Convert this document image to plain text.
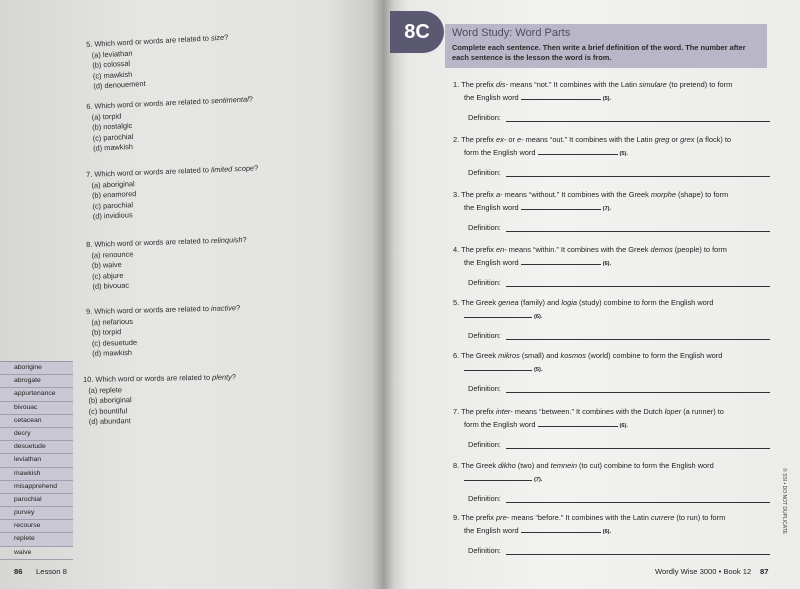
5. Which word or words are related to size?
(a) leviathan
(b) colossal
(c) mawkish
(d) denouement
6. Which word or words are related to sentimental?
(a) torpid
(b) nostalgic
(c) parochial
(d) mawkish
7. Which word or words are related to limited scope?
(a) aboriginal
(b) enamored
(c) parochial
(d) invidious
8. Which word or words are related to relinquish?
(a) renounce
(b) waive
(c) abjure
(d) bivouac
9. Which word or words are related to inactive?
(a) nefarious
(b) torpid
(c) desuetude
(d) mawkish
10. Which word or words are related to plenty?
(a) replete
(b) aboriginal
(c) bountiful
(d) abundant
aborigine
abrogate
appurtenance
bivouac
cetacean
decry
desuetude
leviathan
mawkish
misapprehend
parochial
purvey
recourse
replete
waive
86 Lesson 8
8C	Word Study: Word Parts
Complete each sentence. Then write a brief definition of the word. The number after each sentence is the lesson the word is from.
1. The prefix dis- means “not.” It combines with the Latin simulare (to pretend) to form
the English word	(5).
Definition:
2. The prefix ex- or e- means “out.” It combines with the Latin greg or grex (a flock) to
form the English word	(5).
Definition:
3. The prefix a- means “without.” It combines with the Greek morphe (shape) to form
the English word	(7).
Definition:
4. The prefix en- means “within.” It combines with the Greek demos (people) to form
the English word	(6).
Definition:
5. The Greek genea (family) and logia (study) combine to form the English word
(6).
Definition:
6. The Greek mikros (small) and kosmos (world) combine to form the English word
(5).
Definition:
7. The prefix inter- means “between.” It combines with the Dutch loper (a runner) to
form the English word	(6).
Definition:
8. The Greek dikho (two) and temnein (to cut) combine to form the English word
(7).
Definition:
9. The prefix pre- means “before.” It combines with the Latin currere (to run) to form
the English word	(6).
Definition:
Wordly Wise 3000 • Book 12 87
© SSI • DO NOT DUPLICATE
